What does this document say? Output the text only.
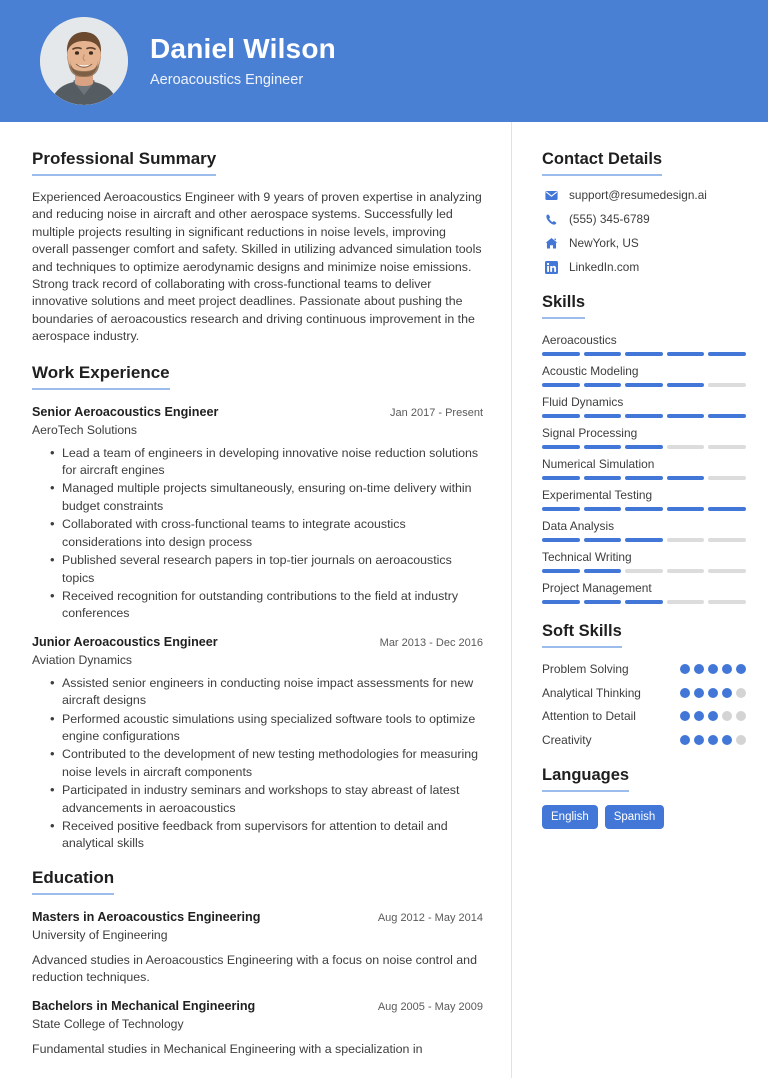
Daniel Wilson
Aeroacoustics Engineer
Professional Summary
Experienced Aeroacoustics Engineer with 9 years of proven expertise in analyzing and reducing noise in aircraft and other aerospace systems. Successfully led multiple projects resulting in significant reductions in noise levels, improving overall passenger comfort and safety. Skilled in utilizing advanced simulation tools and techniques to optimize aerodynamic designs and minimize noise emissions. Strong track record of collaborating with cross-functional teams to deliver innovative solutions and meet project deadlines. Passionate about pushing the boundaries of aeroacoustics research and driving continuous improvement in the aerospace industry.
Work Experience
Senior Aeroacoustics Engineer	Jan 2017 - Present
AeroTech Solutions
• Lead a team of engineers in developing innovative noise reduction solutions for aircraft engines
• Managed multiple projects simultaneously, ensuring on-time delivery within budget constraints
• Collaborated with cross-functional teams to integrate acoustics considerations into design process
• Published several research papers in top-tier journals on aeroacoustics topics
• Received recognition for outstanding contributions to the field at industry conferences
Junior Aeroacoustics Engineer	Mar 2013 - Dec 2016
Aviation Dynamics
• Assisted senior engineers in conducting noise impact assessments for new aircraft designs
• Performed acoustic simulations using specialized software tools to optimize engine configurations
• Contributed to the development of new testing methodologies for measuring noise levels in aircraft components
• Participated in industry seminars and workshops to stay abreast of latest advancements in aeroacoustics
• Received positive feedback from supervisors for attention to detail and analytical skills
Education
Masters in Aeroacoustics Engineering	Aug 2012 - May 2014
University of Engineering
Advanced studies in Aeroacoustics Engineering with a focus on noise control and reduction techniques.
Bachelors in Mechanical Engineering	Aug 2005 - May 2009
State College of Technology
Fundamental studies in Mechanical Engineering with a specialization in
Contact Details
support@resumedesign.ai
(555) 345-6789
NewYork, US
LinkedIn.com
Skills
Aeroacoustics
Acoustic Modeling
Fluid Dynamics
Signal Processing
Numerical Simulation
Experimental Testing
Data Analysis
Technical Writing
Project Management
Soft Skills
Problem Solving
Analytical Thinking
Attention to Detail
Creativity
Languages
English	Spanish
